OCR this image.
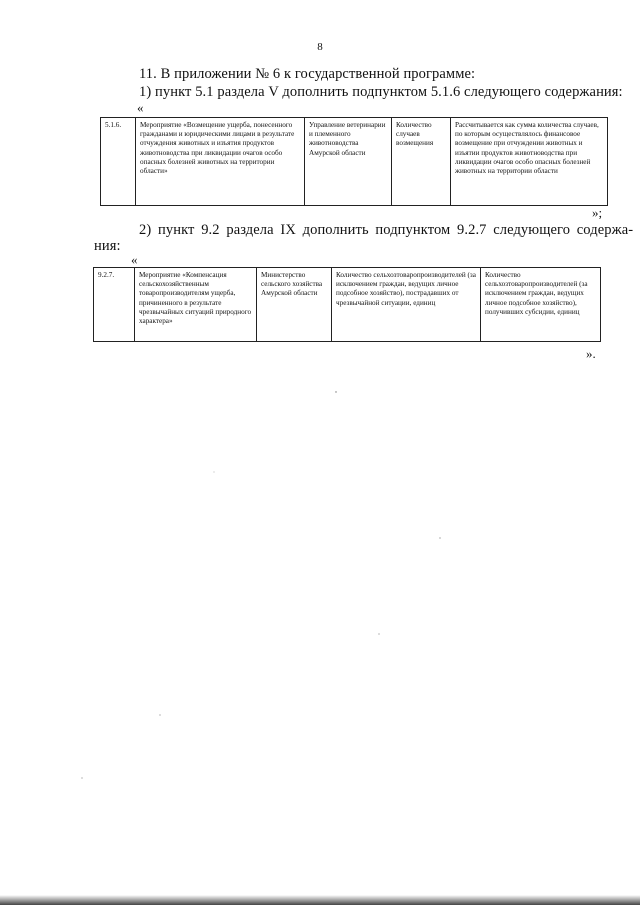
8
11. В приложении № 6 к государственной программе:
1) пункт 5.1 раздела V дополнить подпунктом 5.1.6 следующего содержания:
«
5.1.6.	Мероприятие «Возмещение ущерба, понесенного гражданами и юридическими лицами в результате отчуждения животных и изъятия продуктов животноводства при ликвидации очагов особо опасных болезней животных на территории области»	Управление ветеринарии и племенного животноводства Амурской области	Количество случаев возмещения	Рассчитывается как сумма количества случаев, по которым осуществлялось финансовое возмещение при отчуждении животных и изъятии продуктов животноводства при ликвидации очагов особо опасных болезней животных на территории области
»;
2) пункт 9.2 раздела IX дополнить подпунктом 9.2.7 следующего содержа-
ния:
«
9.2.7.	Мероприятие «Компенсация сельскохозяйственным товаропроизводителям ущерба, причиненного в результате чрезвычайных ситуаций природного характера»	Министерство сельского хозяйства Амурской области	Количество сельхозтоваропроизводителей (за исключением граждан, ведущих личное подсобное хозяйство), пострадавших от чрезвычайной ситуации, единиц	Количество сельхозтоваропроизводителей (за исключением граждан, ведущих личное подсобное хозяйство), получивших субсидии, единиц
».
